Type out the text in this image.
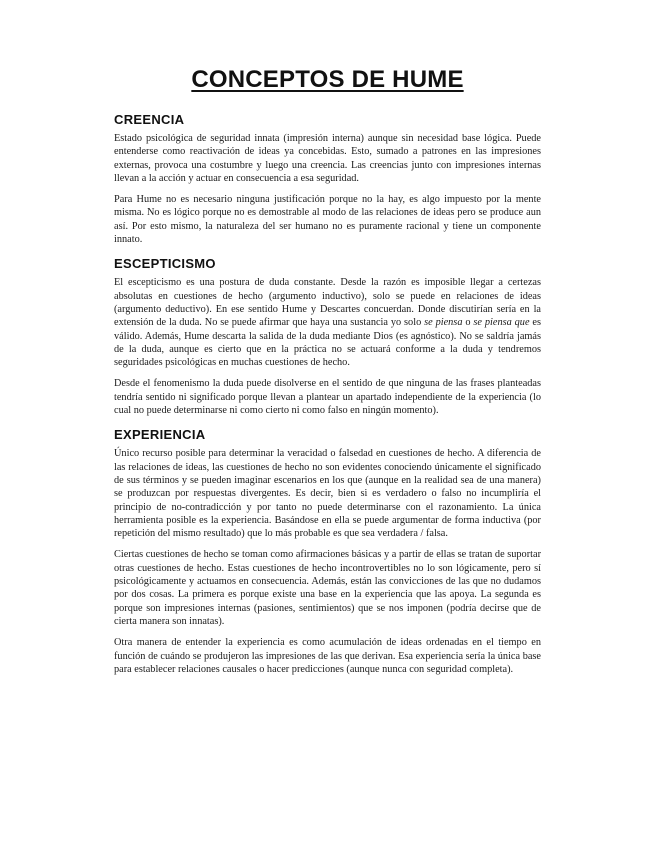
CONCEPTOS DE HUME
CREENCIA

Estado psicológica de seguridad innata (impresión interna) aunque sin necesidad base lógica. Puede entenderse como reactivación de ideas ya concebidas. Esto, sumado a patrones en las impresiones externas, provoca una costumbre y luego una creencia. Las creencias junto con impresiones internas llevan a la acción y actuar en consecuencia a esa seguridad.

Para Hume no es necesario ninguna justificación porque no la hay, es algo impuesto por la mente misma. No es lógico porque no es demostrable al modo de las relaciones de ideas pero se produce aun así. Por esto mismo, la naturaleza del ser humano no es puramente racional y tiene un componente innato.

ESCEPTICISMO

El escepticismo es una postura de duda constante. Desde la razón es imposible llegar a certezas absolutas en cuestiones de hecho (argumento inductivo), solo se puede en relaciones de ideas (argumento deductivo). En ese sentido Hume y Descartes concuerdan. Donde discutirían sería en la extensión de la duda. No se puede afirmar que haya una sustancia yo solo se piensa o se piensa que es válido. Además, Hume descarta la salida de la duda mediante Dios (es agnóstico). No se saldría jamás de la duda, aunque es cierto que en la práctica no se actuará conforme a la duda y tendremos seguridades psicológicas en muchas cuestiones de hecho.

Desde el fenomenismo la duda puede disolverse en el sentido de que ninguna de las frases planteadas tendría sentido ni significado porque llevan a plantear un apartado independiente de la experiencia (lo cual no puede determinarse ni como cierto ni como falso en ningún momento).

EXPERIENCIA

Único recurso posible para determinar la veracidad o falsedad en cuestiones de hecho. A diferencia de las relaciones de ideas, las cuestiones de hecho no son evidentes conociendo únicamente el significado de sus términos y se pueden imaginar escenarios en los que (aunque en la realidad sea de una manera) se produzcan por respuestas divergentes. Es decir, bien si es verdadero o falso no incumpliría el principio de no-contradicción y por tanto no puede determinarse con el razonamiento. La única herramienta posible es la experiencia. Basándose en ella se puede argumentar de forma inductiva (por repetición del mismo resultado) que lo más probable es que sea verdadera / falsa.

Ciertas cuestiones de hecho se toman como afirmaciones básicas y a partir de ellas se tratan de suportar otras cuestiones de hecho. Estas cuestiones de hecho incontrovertibles no lo son lógicamente, pero sí psicológicamente y actuamos en consecuencia. Además, están las convicciones de las que no dudamos por dos cosas. La primera es porque existe una base en la experiencia que las apoya. La segunda es porque son impresiones internas (pasiones, sentimientos) que se nos imponen (podría decirse que de cierta manera son innatas).

Otra manera de entender la experiencia es como acumulación de ideas ordenadas en el tiempo en función de cuándo se produjeron las impresiones de las que derivan. Esa experiencia sería la única base para establecer relaciones causales o hacer predicciones (aunque nunca con seguridad completa).
